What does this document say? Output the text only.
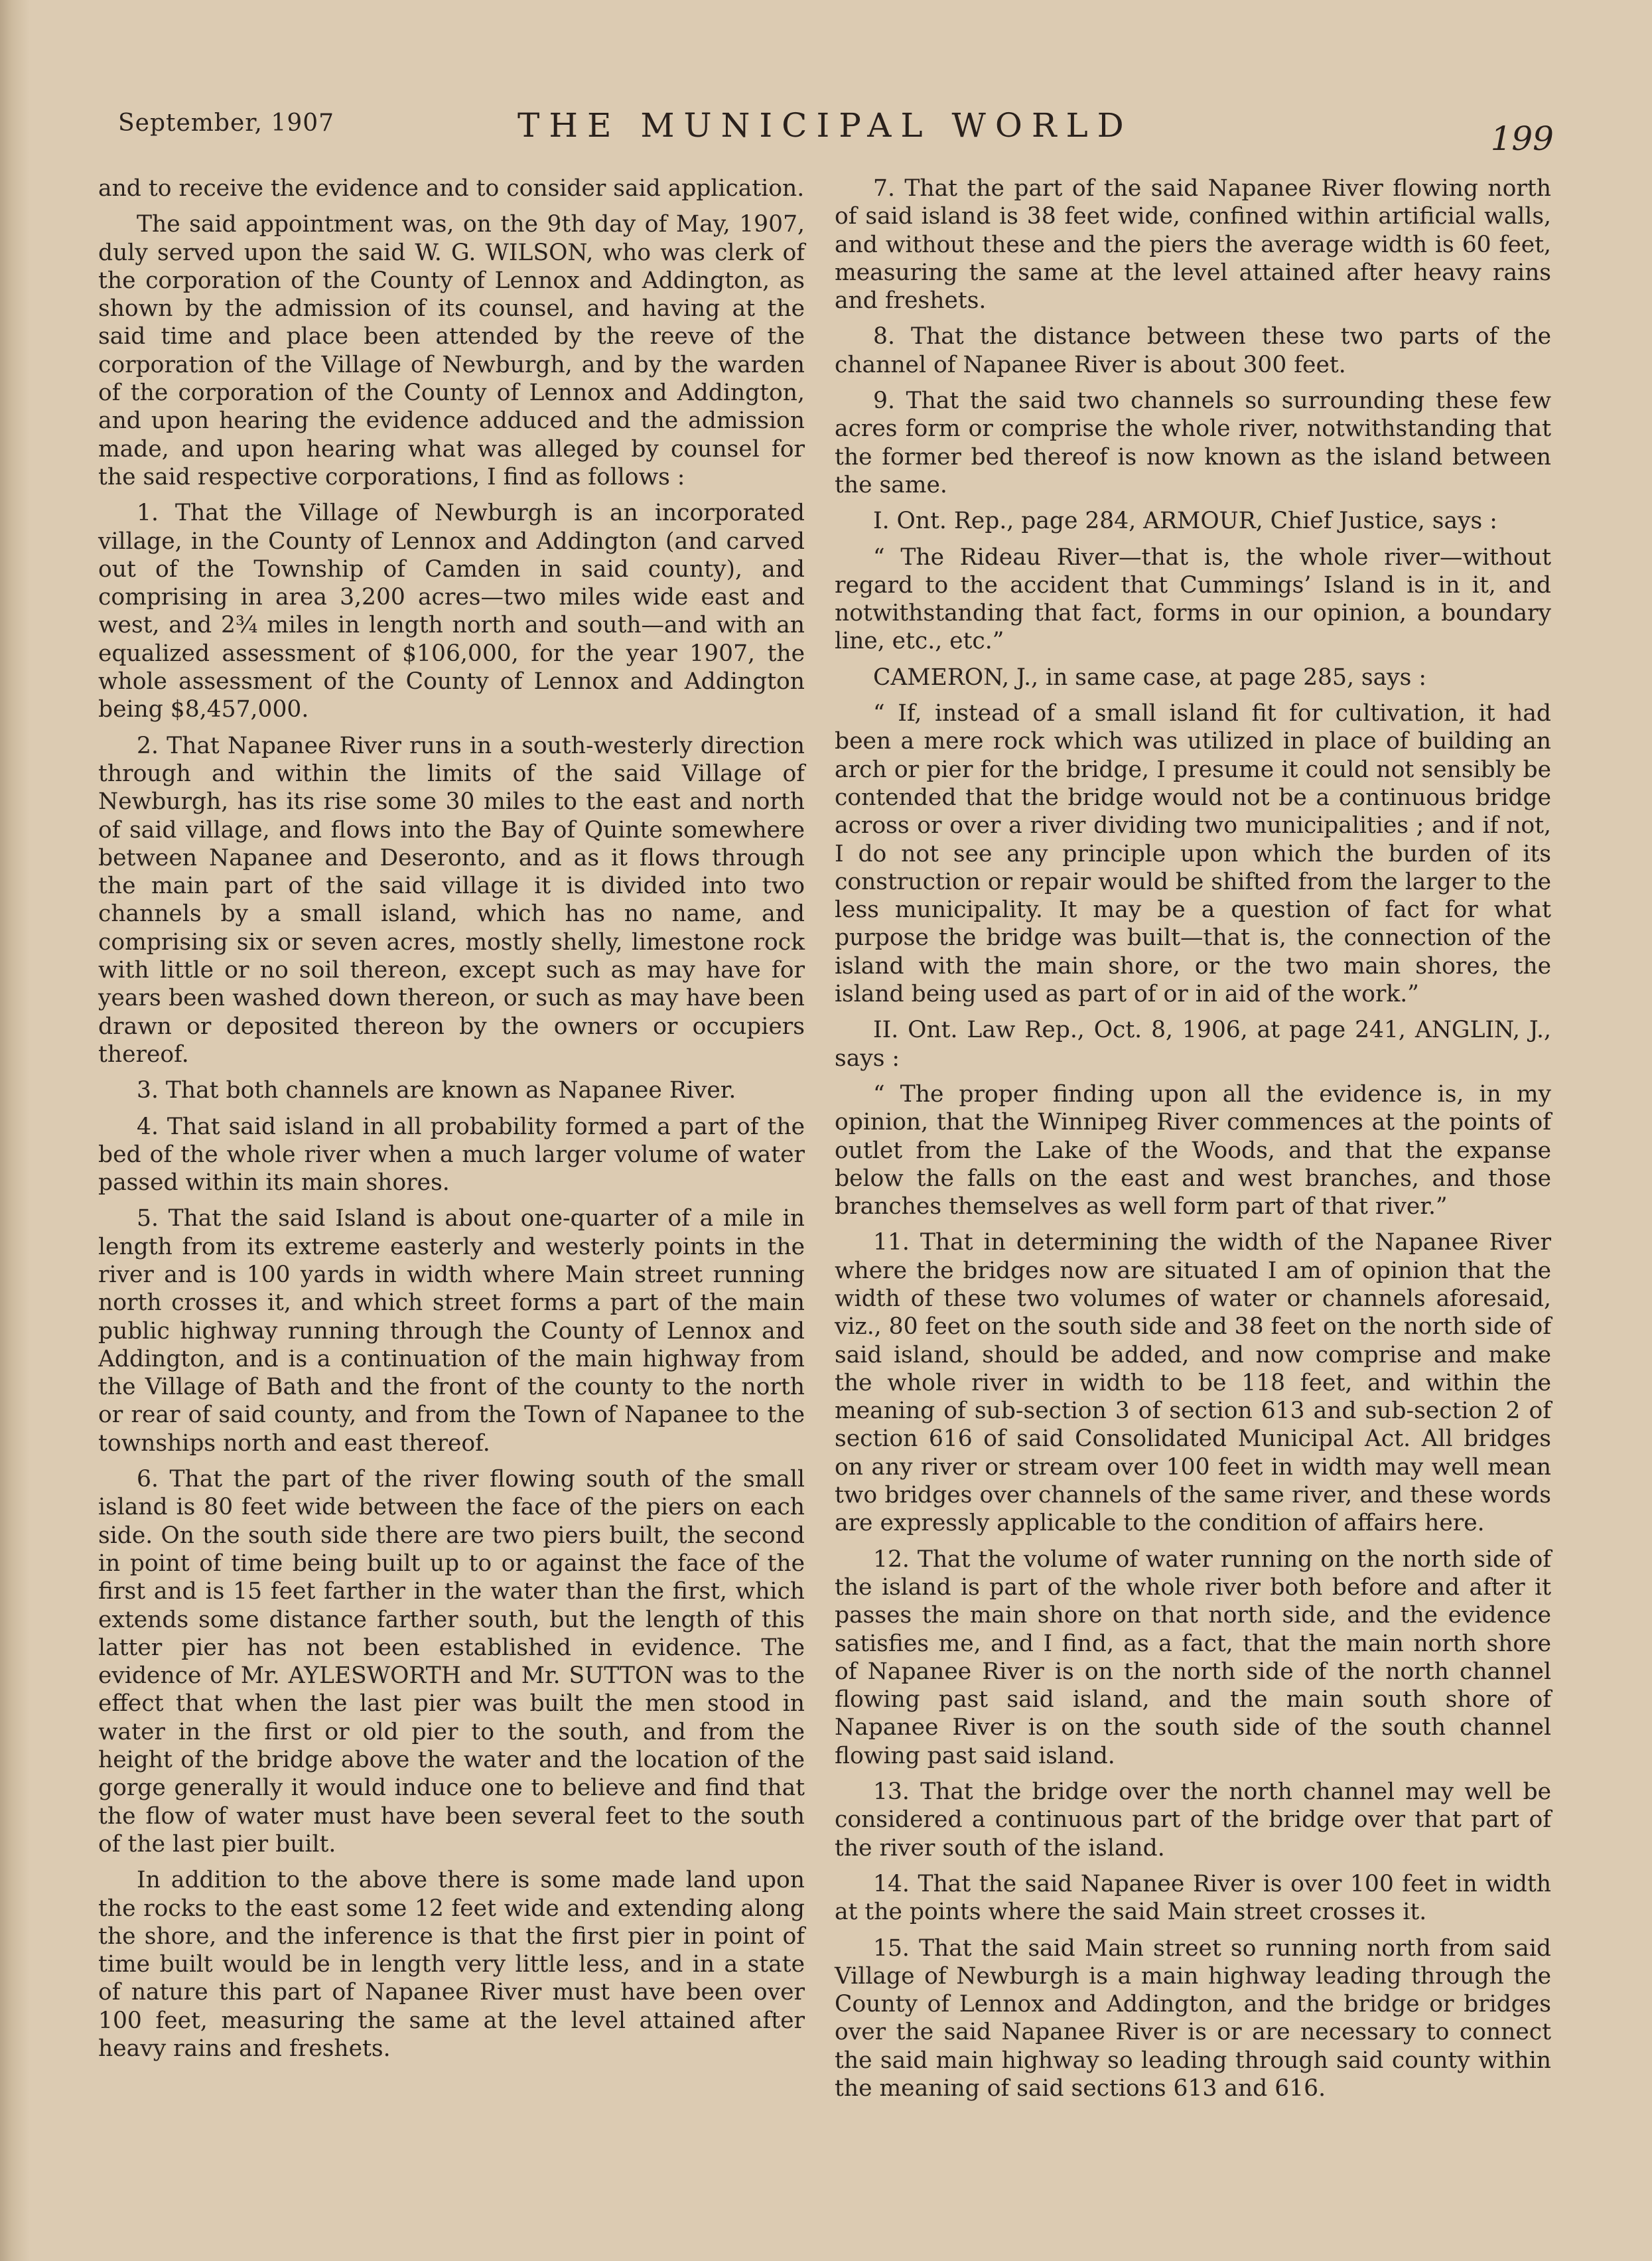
September, 1907	THE MUNICIPAL WORLD	199

and to receive the evidence and to consider said application.

The said appointment was, on the 9th day of May, 1907, duly served upon the said W. G. WILSON, who was clerk of the corporation of the County of Lennox and Addington, as shown by the admission of its counsel, and having at the said time and place been attended by the reeve of the corporation of the Village of Newburgh, and by the warden of the corporation of the County of Lennox and Addington, and upon hearing the evidence adduced and the admission made, and upon hearing what was alleged by counsel for the said respective corporations, I find as follows :

1. That the Village of Newburgh is an incorporated village, in the County of Lennox and Addington (and carved out of the Township of Camden in said county), and comprising in area 3,200 acres—two miles wide east and west, and 2¾ miles in length north and south—and with an equalized assessment of $106,000, for the year 1907, the whole assessment of the County of Lennox and Addington being $8,457,000.

2. That Napanee River runs in a south-westerly direction through and within the limits of the said Village of Newburgh, has its rise some 30 miles to the east and north of said village, and flows into the Bay of Quinte somewhere between Napanee and Deseronto, and as it flows through the main part of the said village it is divided into two channels by a small island, which has no name, and comprising six or seven acres, mostly shelly, limestone rock with little or no soil thereon, except such as may have for years been washed down thereon, or such as may have been drawn or deposited thereon by the owners or occupiers thereof.

3. That both channels are known as Napanee River.

4. That said island in all probability formed a part of the bed of the whole river when a much larger volume of water passed within its main shores.

5. That the said Island is about one-quarter of a mile in length from its extreme easterly and westerly points in the river and is 100 yards in width where Main street running north crosses it, and which street forms a part of the main public highway running through the County of Lennox and Addington, and is a continuation of the main highway from the Village of Bath and the front of the county to the north or rear of said county, and from the Town of Napanee to the townships north and east thereof.

6. That the part of the river flowing south of the small island is 80 feet wide between the face of the piers on each side. On the south side there are two piers built, the second in point of time being built up to or against the face of the first and is 15 feet farther in the water than the first, which extends some distance farther south, but the length of this latter pier has not been established in evidence. The evidence of Mr. AYLESWORTH and Mr. SUTTON was to the effect that when the last pier was built the men stood in water in the first or old pier to the south, and from the height of the bridge above the water and the location of the gorge generally it would induce one to believe and find that the flow of water must have been several feet to the south of the last pier built.

In addition to the above there is some made land upon the rocks to the east some 12 feet wide and extending along the shore, and the inference is that the first pier in point of time built would be in length very little less, and in a state of nature this part of Napanee River must have been over 100 feet, measuring the same at the level attained after heavy rains and freshets.

7. That the part of the said Napanee River flowing north of said island is 38 feet wide, confined within artificial walls, and without these and the piers the average width is 60 feet, measuring the same at the level attained after heavy rains and freshets.

8. That the distance between these two parts of the channel of Napanee River is about 300 feet.

9. That the said two channels so surrounding these few acres form or comprise the whole river, notwithstanding that the former bed thereof is now known as the island between the same.

I. Ont. Rep., page 284, ARMOUR, Chief Justice, says :

“ The Rideau River—that is, the whole river—without regard to the accident that Cummings’ Island is in it, and notwithstanding that fact, forms in our opinion, a boundary line, etc., etc.”

CAMERON, J., in same case, at page 285, says :

“ If, instead of a small island fit for cultivation, it had been a mere rock which was utilized in place of building an arch or pier for the bridge, I presume it could not sensibly be contended that the bridge would not be a continuous bridge across or over a river dividing two municipalities ; and if not, I do not see any principle upon which the burden of its construction or repair would be shifted from the larger to the less municipality. It may be a question of fact for what purpose the bridge was built—that is, the connection of the island with the main shore, or the two main shores, the island being used as part of or in aid of the work.”

II. Ont. Law Rep., Oct. 8, 1906, at page 241, ANGLIN, J., says :

“ The proper finding upon all the evidence is, in my opinion, that the Winnipeg River commences at the points of outlet from the Lake of the Woods, and that the expanse below the falls on the east and west branches, and those branches themselves as well form part of that river.”

11. That in determining the width of the Napanee River where the bridges now are situated I am of opinion that the width of these two volumes of water or channels aforesaid, viz., 80 feet on the south side and 38 feet on the north side of said island, should be added, and now comprise and make the whole river in width to be 118 feet, and within the meaning of sub-section 3 of section 613 and sub-section 2 of section 616 of said Consolidated Municipal Act. All bridges on any river or stream over 100 feet in width may well mean two bridges over channels of the same river, and these words are expressly applicable to the condition of affairs here.

12. That the volume of water running on the north side of the island is part of the whole river both before and after it passes the main shore on that north side, and the evidence satisfies me, and I find, as a fact, that the main north shore of Napanee River is on the north side of the north channel flowing past said island, and the main south shore of Napanee River is on the south side of the south channel flowing past said island.

13. That the bridge over the north channel may well be considered a continuous part of the bridge over that part of the river south of the island.

14. That the said Napanee River is over 100 feet in width at the points where the said Main street crosses it.

15. That the said Main street so running north from said Village of Newburgh is a main highway leading through the County of Lennox and Addington, and the bridge or bridges over the said Napanee River is or are necessary to connect the said main highway so leading through said county within the meaning of said sections 613 and 616.
